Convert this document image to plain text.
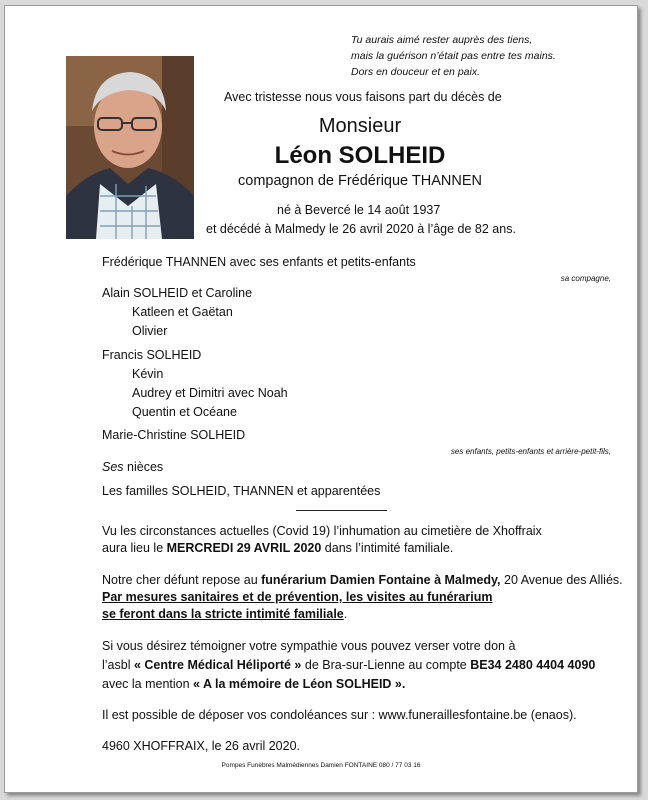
Tu aurais aimé rester auprès des tiens,
mais la guérison n’était pas entre tes mains.
Dors en douceur et en paix.
Avec tristesse nous vous faisons part du décès de
Monsieur
Léon SOLHEID
compagnon de Frédérique THANNEN
né à Bevercé le 14 août 1937
et décédé à Malmedy le 26 avril 2020 à l’âge de 82 ans.
Frédérique THANNEN avec ses enfants et petits-enfants
sa compagne,
Alain SOLHEID et Caroline
Katleen et Gaëtan
Olivier
Francis SOLHEID
Kévin
Audrey et Dimitri avec Noah
Quentin et Océane
Marie-Christine SOLHEID
ses enfants, petits-enfants et arrière-petit-fils,
Ses nièces
Les familles SOLHEID, THANNEN et apparentées
Vu les circonstances actuelles (Covid 19) l’inhumation au cimetière de Xhoffraix
aura lieu le MERCREDI 29 AVRIL 2020 dans l’intimité familiale.
Notre cher défunt repose au funérarium Damien Fontaine à Malmedy, 20 Avenue des Alliés.
Par mesures sanitaires et de prévention, les visites au funérarium
se feront dans la stricte intimité familiale.
Si vous désirez témoigner votre sympathie vous pouvez verser votre don à
l’asbl « Centre Médical Héliporté » de Bra-sur-Lienne au compte BE34 2480 4404 4090
avec la mention « A la mémoire de Léon SOLHEID ».
Il est possible de déposer vos condoléances sur : www.funeraillesfontaine.be (enaos).
4960 XHOFFRAIX, le 26 avril 2020.
Pompes Funèbres Malmédiennes Damien FONTAINE 080 / 77 03 16
